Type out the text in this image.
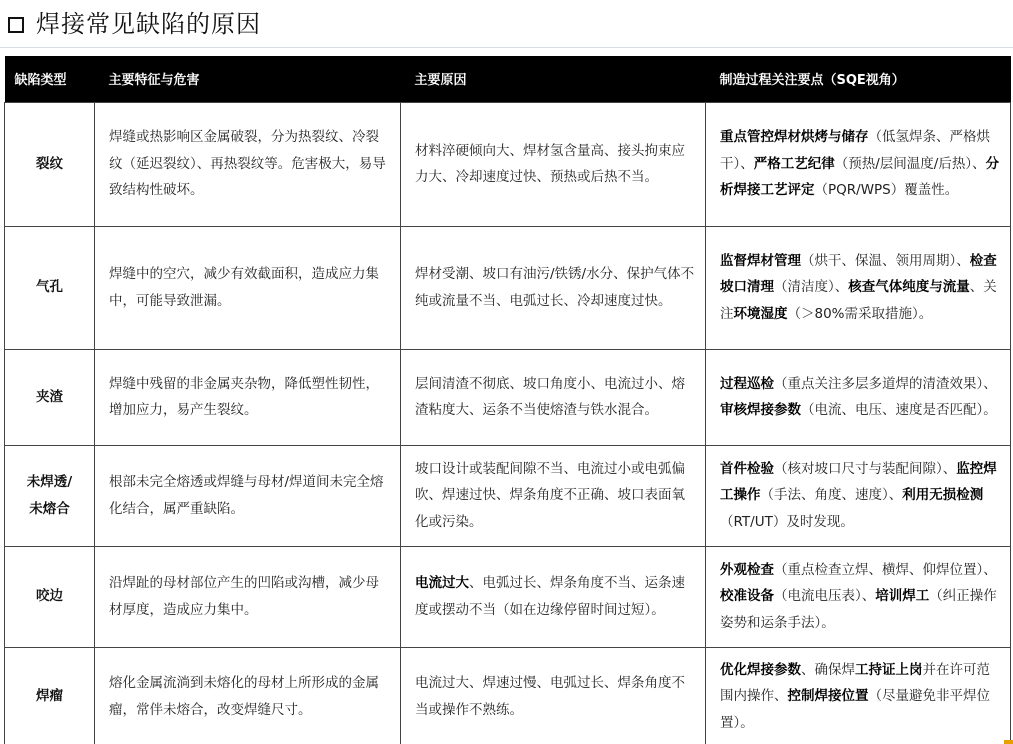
焊接常见缺陷的原因
缺陷类型	主要特征与危害	主要原因	制造过程关注要点（SQE视角）

裂纹	焊缝或热影响区金属破裂，分为热裂纹、冷裂纹（延迟裂纹）、再热裂纹等。危害极大，易导致结构性破坏。	材料淬硬倾向大、焊材氢含量高、接头拘束应力大、冷却速度过快、预热或后热不当。	重点管控焊材烘烤与储存（低氢焊条、严格烘干）、严格工艺纪律（预热/层间温度/后热）、分析焊接工艺评定（PQR/WPS）覆盖性。

气孔	焊缝中的空穴，减少有效截面积，造成应力集中，可能导致泄漏。	焊材受潮、坡口有油污/铁锈/水分、保护气体不纯或流量不当、电弧过长、冷却速度过快。	监督焊材管理（烘干、保温、领用周期）、检查坡口清理（清洁度）、核查气体纯度与流量、关注环境湿度（＞80%需采取措施）。

夹渣	焊缝中残留的非金属夹杂物，降低塑性韧性，增加应力，易产生裂纹。	层间清渣不彻底、坡口角度小、电流过小、熔渣粘度大、运条不当使熔渣与铁水混合。	过程巡检（重点关注多层多道焊的清渣效果）、审核焊接参数（电流、电压、速度是否匹配）。

未焊透/
未熔合	根部未完全熔透或焊缝与母材/焊道间未完全熔化结合，属严重缺陷。	坡口设计或装配间隙不当、电流过小或电弧偏吹、焊速过快、焊条角度不正确、坡口表面氧化或污染。	首件检验（核对坡口尺寸与装配间隙）、监控焊工操作（手法、角度、速度）、利用无损检测（RT/UT）及时发现。

咬边	沿焊趾的母材部位产生的凹陷或沟槽，减少母材厚度，造成应力集中。	电流过大、电弧过长、焊条角度不当、运条速度或摆动不当（如在边缘停留时间过短）。	外观检查（重点检查立焊、横焊、仰焊位置）、校准设备（电流电压表）、培训焊工（纠正操作姿势和运条手法）。

焊瘤	熔化金属流淌到未熔化的母材上所形成的金属瘤，常伴未熔合，改变焊缝尺寸。	电流过大、焊速过慢、电弧过长、焊条角度不当或操作不熟练。	优化焊接参数、确保焊工持证上岗并在许可范围内操作、控制焊接位置（尽量避免非平焊位置）。
